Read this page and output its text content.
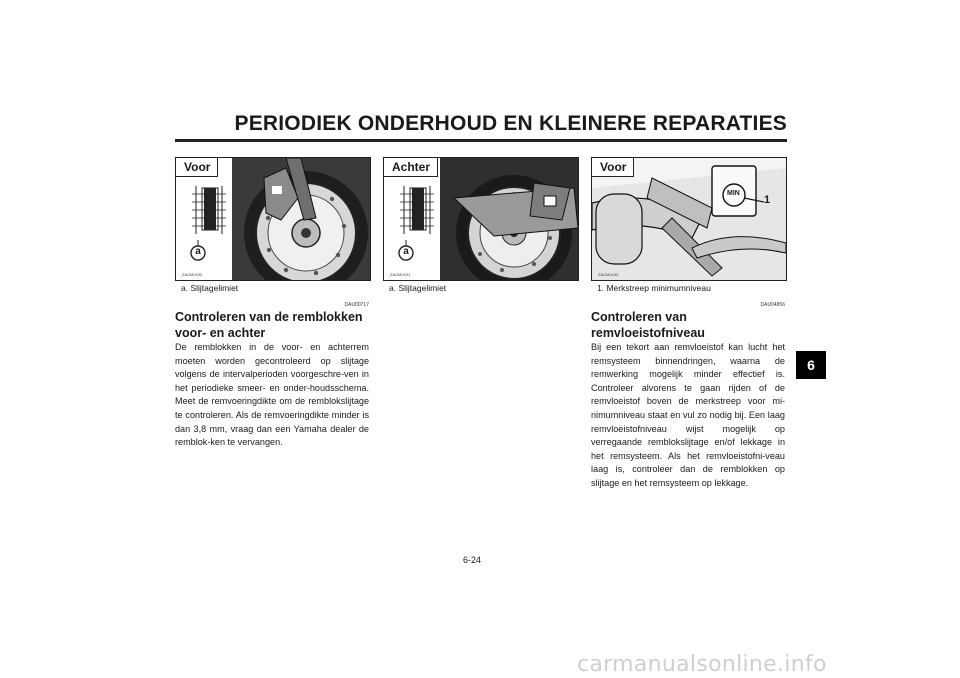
PERIODIEK ONDERHOUD EN KLEINERE REPARATIES
Voor
a
ZAUM0430
a. Slijtagelimiet
Achter
a
ZAUM0431
a. Slijtagelimiet
Voor
MIN
1
ZAUM0433
1. Merkstreep minimumniveau
DAU00717
Controleren van de remblokken voor- en achter
De remblokken in de voor- en achterrem moeten worden gecontroleerd op slijtage volgens de intervalperioden voorgeschre-ven in het periodieke smeer- en onder-houdsschema. Meet de remvoeringdikte om de remblokslijtage te controleren. Als de remvoeringdikte minder is dan 3,8 mm, vraag dan een Yamaha dealer de remblok-ken te vervangen.
DAU04856
Controleren van remvloeistofniveau
Bij een tekort aan remvloeistof kan lucht het remsysteem binnendringen, waarna de remwerking mogelijk minder effectief is. Controleer alvorens te gaan rijden of de remvloeistof boven de merkstreep voor mi-nimumniveau staat en vul zo nodig bij. Een laag remvloeistofniveau wijst mogelijk op verregaande remblokslijtage en/of lekkage in het remsysteem. Als het remvloeistofni-veau laag is, controleer dan de remblokken op slijtage en het remsysteem op lekkage.
6
6-24
carmanualsonline.info
